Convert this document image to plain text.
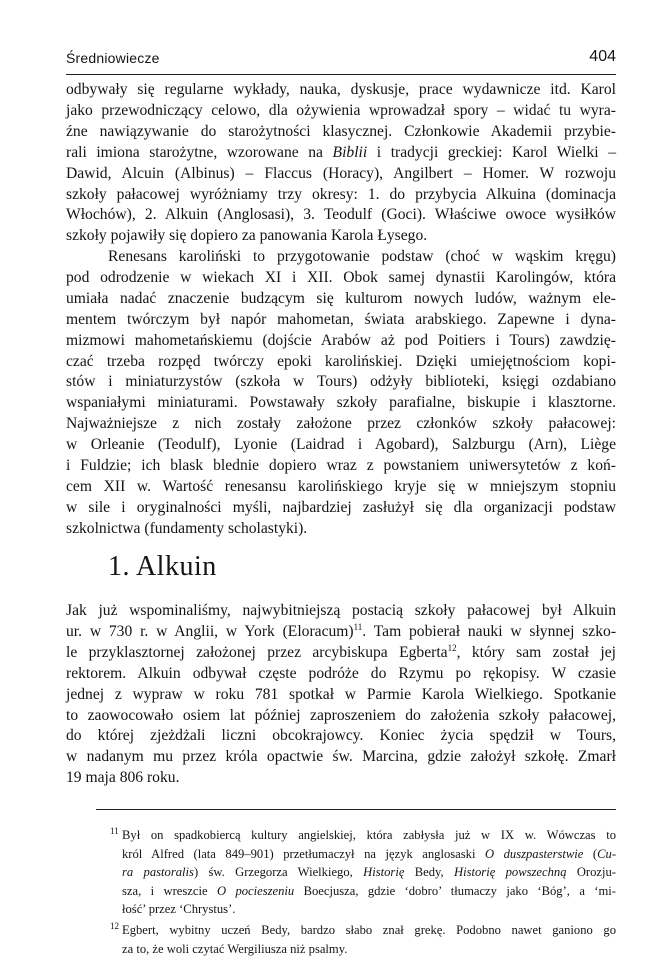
Średniowiecze	404

odbywały się regularne wykłady, nauka, dyskusje, prace wydawnicze itd. Karol
jako przewodniczący celowo, dla ożywienia wprowadzał spory – widać tu wyra-
źne nawiązywanie do starożytności klasycznej. Członkowie Akademii przybie-
rali imiona starożytne, wzorowane na Biblii i tradycji greckiej: Karol Wielki –
Dawid, Alcuin (Albinus) – Flaccus (Horacy), Angilbert – Homer. W rozwoju
szkoły pałacowej wyróżniamy trzy okresy: 1. do przybycia Alkuina (dominacja
Włochów), 2. Alkuin (Anglosasi), 3. Teodulf (Goci). Właściwe owoce wysiłków
szkoły pojawiły się dopiero za panowania Karola Łysego.

Renesans karoliński to przygotowanie podstaw (choć w wąskim kręgu)
pod odrodzenie w wiekach XI i XII. Obok samej dynastii Karolingów, która
umiała nadać znaczenie budzącym się kulturom nowych ludów, ważnym ele-
mentem twórczym był napór mahometan, świata arabskiego. Zapewne i dyna-
mizmowi mahometańskiemu (dojście Arabów aż pod Poitiers i Tours) zawdzię-
czać trzeba rozpęd twórczy epoki karolińskiej. Dzięki umiejętnościom kopi-
stów i miniaturzystów (szkoła w Tours) odżyły biblioteki, księgi ozdabiano
wspaniałymi miniaturami. Powstawały szkoły parafialne, biskupie i klasztorne.
Najważniejsze z nich zostały założone przez członków szkoły pałacowej:
w Orleanie (Teodulf), Lyonie (Laidrad i Agobard), Salzburgu (Arn), Liège
i Fuldzie; ich blask blednie dopiero wraz z powstaniem uniwersytetów z koń-
cem XII w. Wartość renesansu karolińskiego kryje się w mniejszym stopniu
w sile i oryginalności myśli, najbardziej zasłużył się dla organizacji podstaw
szkolnictwa (fundamenty scholastyki).

1. Alkuin

Jak już wspominaliśmy, najwybitniejszą postacią szkoły pałacowej był Alkuin
ur. w 730 r. w Anglii, w York (Eloracum)$^{11}$. Tam pobierał nauki w słynnej szko-
le przyklasztornej założonej przez arcybiskupa Egberta$^{12}$, który sam został jej
rektorem. Alkuin odbywał częste podróże do Rzymu po rękopisy. W czasie
jednej z wypraw w roku 781 spotkał w Parmie Karola Wielkiego. Spotkanie
to zaowocowało osiem lat później zaproszeniem do założenia szkoły pałacowej,
do której zjeżdżali liczni obcokrajowcy. Koniec życia spędził w Tours,
w nadanym mu przez króla opactwie św. Marcina, gdzie założył szkołę. Zmarł
19 maja 806 roku.

11 Był on spadkobiercą kultury angielskiej, która zabłysła już w IX w. Wówczas to
król Alfred (lata 849–901) przetłumaczył na język anglosaski O duszpasterstwie (Cu-
ra pastoralis) św. Grzegorza Wielkiego, Historię Bedy, Historię powszechną Orozju-
sza, i wreszcie O pocieszeniu Boecjusza, gdzie ‘dobro’ tłumaczy jako ‘Bóg’, a ‘mi-
łość’ przez ‘Chrystus’.
12 Egbert, wybitny uczeń Bedy, bardzo słabo znał grekę. Podobno nawet ganiono go
za to, że woli czytać Wergiliusza niż psalmy.
